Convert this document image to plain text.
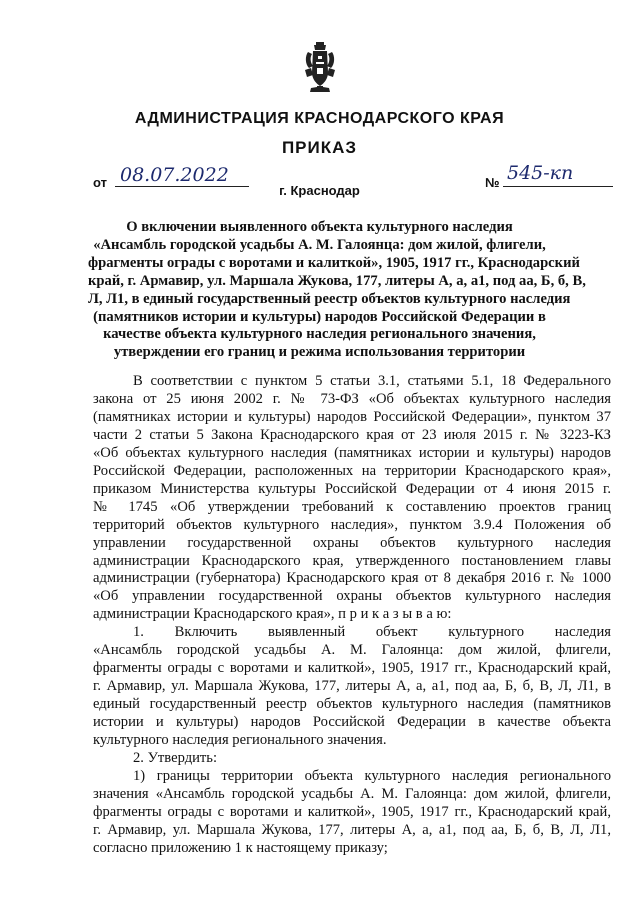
АДМИНИСТРАЦИЯ КРАСНОДАРСКОГО КРАЯ
ПРИКАЗ
от 08.07.2022	№ 545-кп
г. Краснодар
О включении выявленного объекта культурного наследия
«Ансамбль городской усадьбы А. М. Галоянца: дом жилой, флигели,
фрагменты ограды с воротами и калиткой», 1905, 1917 гг., Краснодарский
край, г. Армавир, ул. Маршала Жукова, 177, литеры А, а, а1, под аа, Б, б, В,
Л, Л1, в единый государственный реестр объектов культурного наследия
(памятников истории и культуры) народов Российской Федерации в
качестве объекта культурного наследия регионального значения,
утверждении его границ и режима использования территории
В соответствии с пунктом 5 статьи 3.1, статьями 5.1, 18 Федерального
закона от 25 июня 2002 г. № 73-ФЗ «Об объектах культурного наследия
(памятниках истории и культуры) народов Российской Федерации», пунктом 37
части 2 статьи 5 Закона Краснодарского края от 23 июля 2015 г. № 3223-КЗ
«Об объектах культурного наследия (памятниках истории и культуры) народов
Российской Федерации, расположенных на территории Краснодарского края»,
приказом Министерства культуры Российской Федерации от 4 июня 2015 г.
№ 1745 «Об утверждении требований к составлению проектов границ
территорий объектов культурного наследия», пунктом 3.9.4 Положения об
управлении государственной охраны объектов культурного наследия
администрации Краснодарского края, утвержденного постановлением главы
администрации (губернатора) Краснодарского края от 8 декабря 2016 г. № 1000
«Об управлении государственной охраны объектов культурного наследия
администрации Краснодарского края», п р и к а з ы в а ю:
1. Включить выявленный объект культурного наследия
«Ансамбль городской усадьбы А. М. Галоянца: дом жилой, флигели,
фрагменты ограды с воротами и калиткой», 1905, 1917 гг., Краснодарский край,
г. Армавир, ул. Маршала Жукова, 177, литеры А, а, а1, под аа, Б, б, В, Л, Л1, в
единый государственный реестр объектов культурного наследия (памятников
истории и культуры) народов Российской Федерации в качестве объекта
культурного наследия регионального значения.
2. Утвердить:
1) границы территории объекта культурного наследия регионального
значения «Ансамбль городской усадьбы А. М. Галоянца: дом жилой, флигели,
фрагменты ограды с воротами и калиткой», 1905, 1917 гг., Краснодарский край,
г. Армавир, ул. Маршала Жукова, 177, литеры А, а, а1, под аа, Б, б, В, Л, Л1,
согласно приложению 1 к настоящему приказу;
